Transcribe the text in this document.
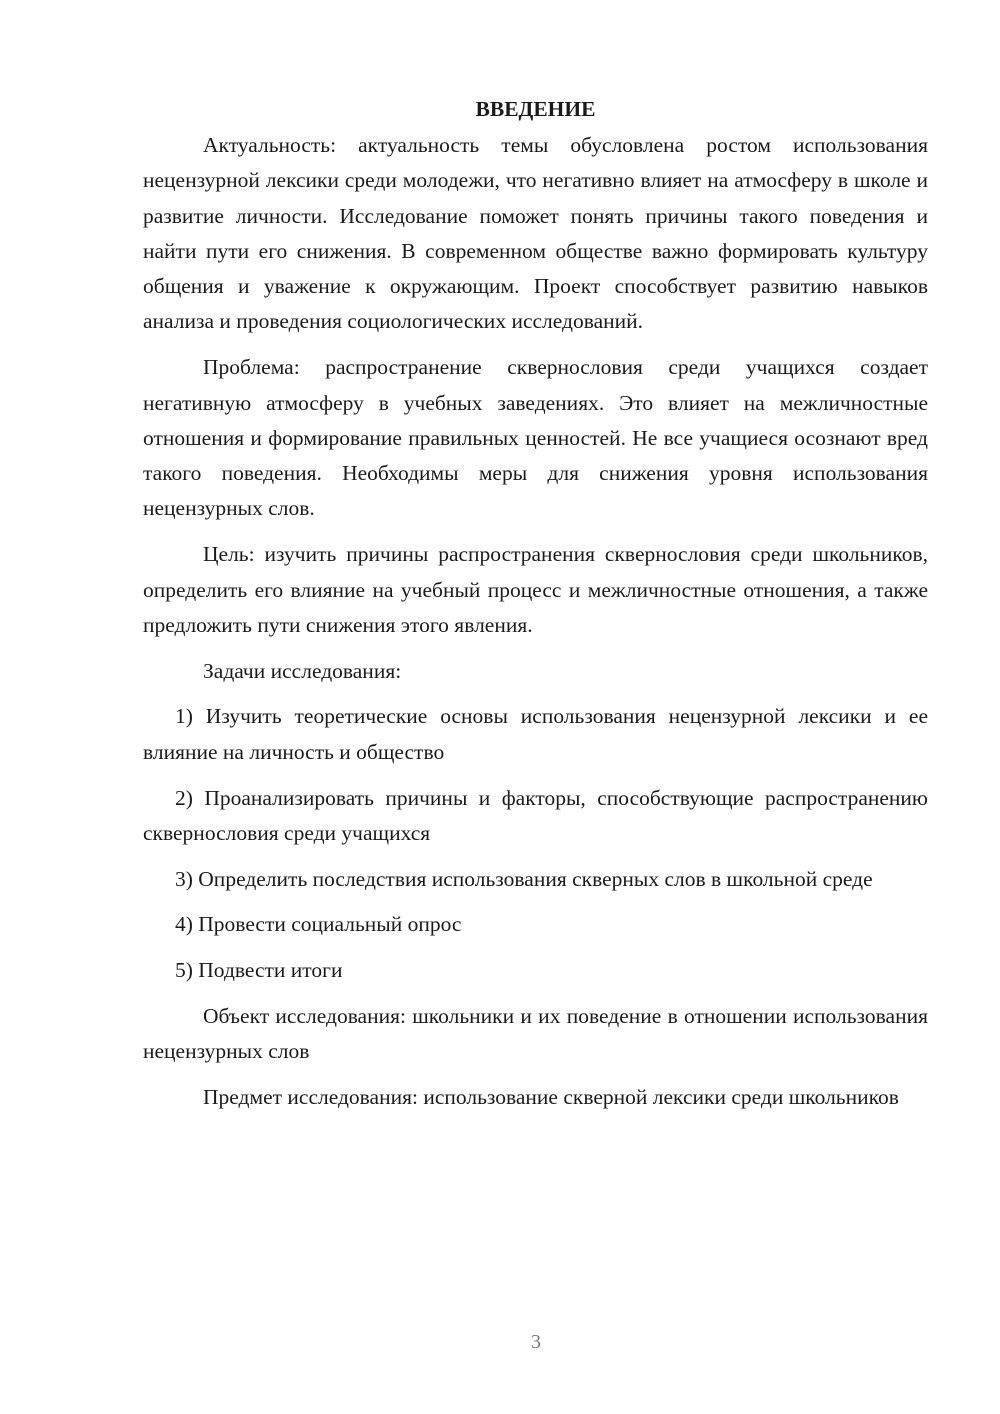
ВВЕДЕНИЕ

Актуальность: актуальность темы обусловлена ростом использования нецензурной лексики среди молодежи, что негативно влияет на атмосферу в школе и развитие личности. Исследование поможет понять причины такого поведения и найти пути его снижения. В современном обществе важно формировать культуру общения и уважение к окружающим. Проект способствует развитию навыков анализа и проведения социологических исследований.

Проблема: распространение сквернословия среди учащихся создает негативную атмосферу в учебных заведениях. Это влияет на межличностные отношения и формирование правильных ценностей. Не все учащиеся осознают вред такого поведения. Необходимы меры для снижения уровня использования нецензурных слов.

Цель: изучить причины распространения сквернословия среди школьников, определить его влияние на учебный процесс и межличностные отношения, а также предложить пути снижения этого явления.

Задачи исследования:

1) Изучить теоретические основы использования нецензурной лексики и ее влияние на личность и общество

2) Проанализировать причины и факторы, способствующие распространению сквернословия среди учащихся

3) Определить последствия использования скверных слов в школьной среде

4) Провести социальный опрос

5) Подвести итоги

Объект исследования: школьники и их поведение в отношении использования нецензурных слов

Предмет исследования: использование скверной лексики среди школьников

3
